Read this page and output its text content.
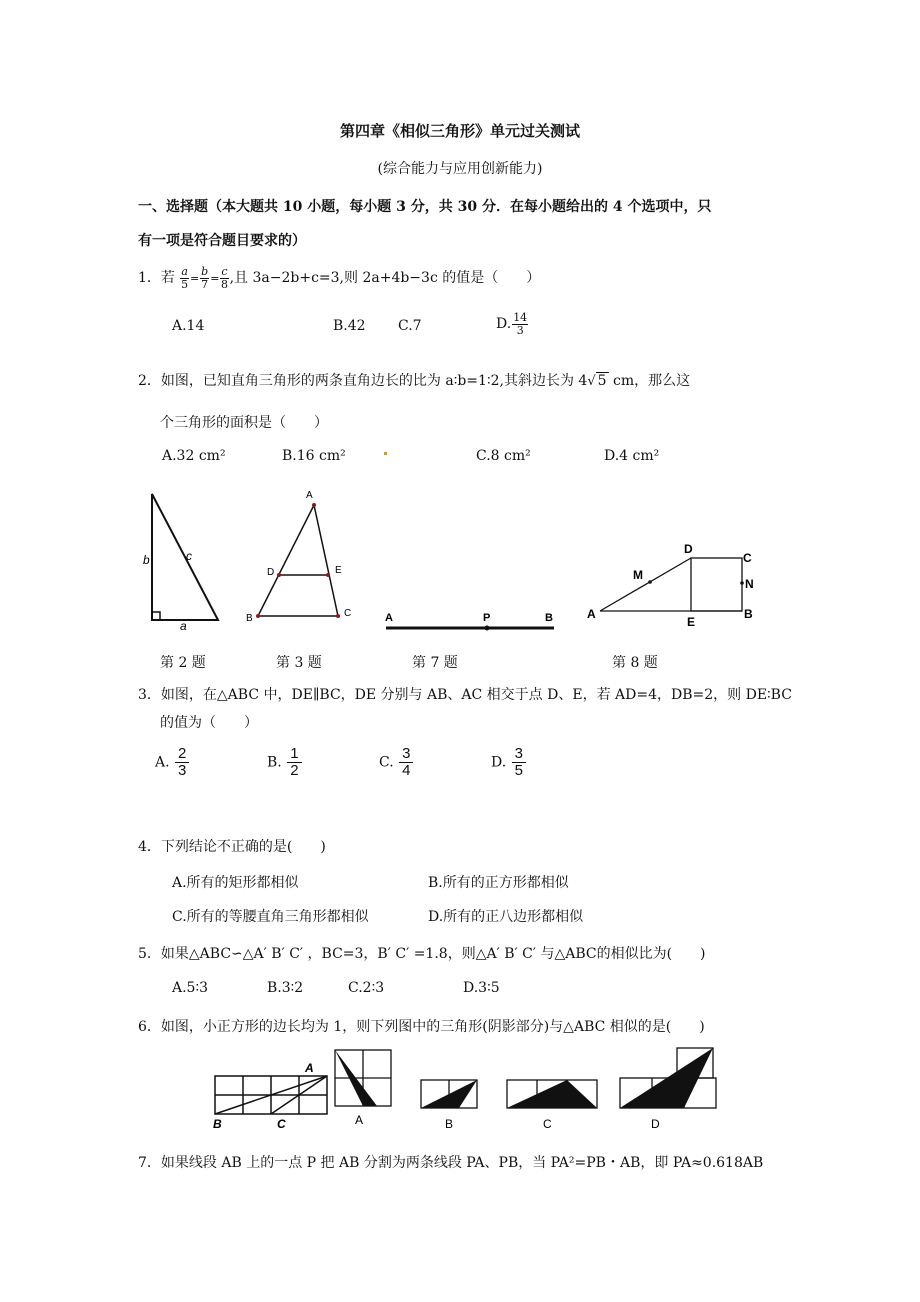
第四章《相似三角形》单元过关测试
(综合能力与应用创新能力)
一、选择题（本大题共 10 小题，每小题 3 分，共 30 分．在每小题给出的 4 个选项中，只
有一项是符合题目要求的）
1．若 $\frac{a}{5} = \frac{b}{7} = \frac{c}{8}$ ,且 3a−2b+c=3,则 2a+4b−3c 的值是（　　）
A.14	B.42 C.7	D. $\frac{14}{3}$
2．如图，已知直角三角形的两条直角边长的比为 a∶b=1∶2,其斜边长为 4√ 5 cm，那么这
个三角形的面积是（　　）
A.32 cm²	B.16 cm²	C.8 cm²	D.4 cm²
b	c
a
第 2 题
A
D	E
B	C
第 3 题
A	P	B
第 7 题
D
C
M
N
A
E
B
第 8 题
3．如图，在△ABC 中，DE∥BC，DE 分别与 AB、AC 相交于点 D、E，若 AD=4，DB=2，则 DE∶BC
的值为（　　）
A. $\frac{2}{3}$	B. $\frac{1}{2}$	C. $\frac{3}{4}$	D. $\frac{3}{5}$
4．下列结论不正确的是(　　)
A.所有的矩形都相似	B.所有的正方形都相似
C.所有的等腰直角三角形都相似	D.所有的正八边形都相似
5．如果△ABC∽△A′ B′ C′ ，BC=3，B′ C′ =1.8，则△A′ B′ C′ 与△ABC的相似比为(　　)
A.5∶3	B.3∶2	C.2∶3	D.3∶5
6．如图，小正方形的边长均为 1，则下列图中的三角形(阴影部分)与△ABC 相似的是(　　)
A
B	C	A	B	C	D
7．如果线段 AB 上的一点 P 把 AB 分割为两条线段 PA、PB，当 PA²=PB・AB，即 PA≈0.618AB
